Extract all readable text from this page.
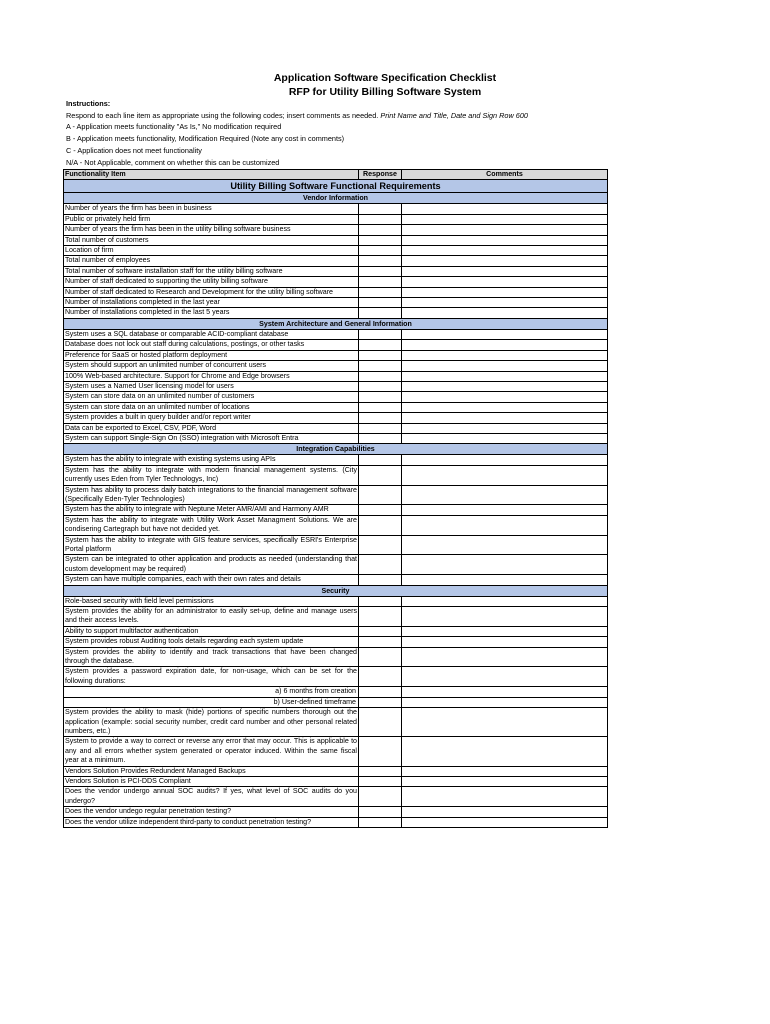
Application Software Specification Checklist
RFP for Utility Billing Software System
Instructions:
Respond to each line item as appropriate using the following codes; insert comments as needed. Print Name and Title, Date and Sign Row 600
A - Application meets functionality "As Is," No modification required
B - Application meets functionality, Modification Required (Note any cost in comments)
C - Application does not meet functionality
N/A - Not Applicable, comment on whether this can be customized
Functionality Item	Response	Comments
Utility Billing Software Functional Requirements		
Vendor Information		
Number of years the firm has been in business		
Public or privately held firm		
Number of years the firm has been in the utility billing software business		
Total number of customers		
Location of firm		
Total number of employees		
Total number of software installation staff for the utility billing software		
Number of staff dedicated to supporting the utility billing software		
Number of staff dedicated to Research and Development for the utility billing software		
Number of installations completed in the last year		
Number of installations completed in the last 5 years		
System Architecture and General Information		
System uses a SQL database or comparable ACID-compliant database		
Database does not lock out staff during calculations, postings, or other tasks		
Preference for SaaS or hosted platform deployment		
System should support an unlimited number of concurrent users		
100% Web-based architecture. Support for Chrome and Edge browsers		
System uses a Named User licensing model for users		
System can store data on an unlimited number of customers		
System can store data on an unlimited number of locations		
System provides a built in query builder and/or report writer		
Data can be exported to Excel, CSV, PDF, Word		
System can support Single-Sign On (SSO) integration with Microsoft Entra		
Integration Capabilities		
System has the ability to integrate with existing systems using APIs		
System has the ability to integrate with modern financial management systems. (City currently uses Eden from Tyler Technologys, Inc)		
System has ability to process daily batch integrations to the financial management software (Specifically Eden-Tyler Technologies)		
System has the ability to integrate with Neptune Meter AMR/AMI and Harmony AMR		
System has the ability to integrate with Utility Work Asset Managment Solutions. We are condisering Cartegraph but have not decided yet.		
System has the ability to integrate with GIS feature services, specifically ESRI's Enterprise Portal platform		
System can be integrated to other application and products as needed (understanding that custom development may be required)		
System can have multiple companies, each with their own rates and details		
Security		
Role-based security with field level permissions		
System provides the ability for an administrator to easily set-up, define and manage users and their access levels.		
Ability to support multifactor authentication		
System provides robust Auditing tools details regarding each system update		
System provides the ability to identify and track transactions that have been changed through the database.		
System provides a password expiration date, for non-usage, which can be set for the following durations:		
a) 6 months from creation		
b) User-defined timeframe		
System provides the ability to mask (hide) portions of specific numbers thorough out the application (example: social security number, credit card number and other personal related numbers, etc.)		
System to provide a way to correct or reverse any error that may occur. This is applicable to any and all errors whether system generated or operator induced. Within the same fiscal year at a minimum.		
Vendors Solution Provides Redundent Managed Backups		
Vendors Solution is PCI-DDS Compliant		
Does the vendor undergo annual SOC audits? If yes, what level of SOC audits do you undergo?		
Does the vendor undego regular penetration testing?		
Does the vendor utilize independent third-party to conduct penetration testing?		
